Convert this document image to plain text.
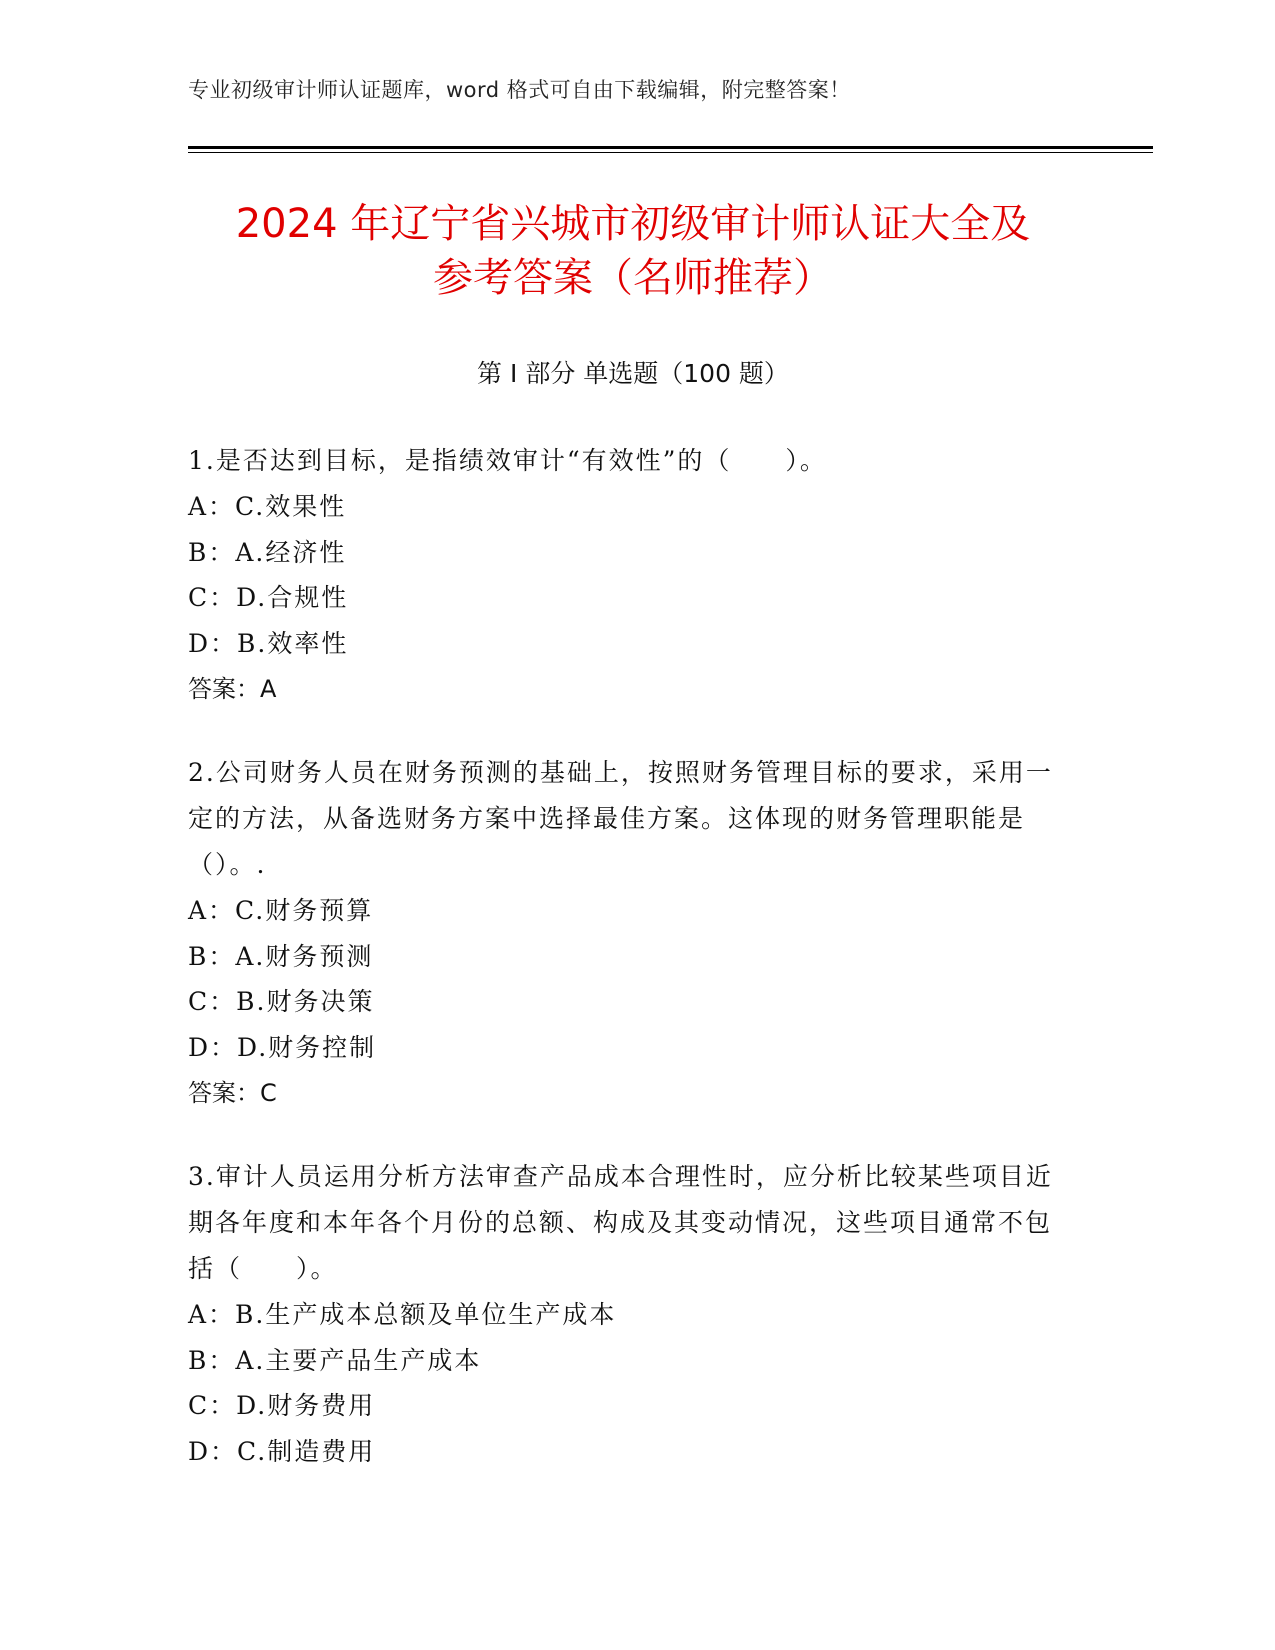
专业初级审计师认证题库，word 格式可自由下载编辑，附完整答案！
2024 年辽宁省兴城市初级审计师认证大全及
参考答案（名师推荐）
第 I 部分 单选题（100 题）

1.是否达到目标，是指绩效审计“有效性”的（　　）。

A：C.效果性

B：A.经济性

C：D.合规性

D：B.效率性

答案：A

2.公司财务人员在财务预测的基础上，按照财务管理目标的要求，采用一定的方法，从备选财务方案中选择最佳方案。这体现的财务管理职能是（）。.

A：C.财务预算

B：A.财务预测

C：B.财务决策

D：D.财务控制

答案：C

3.审计人员运用分析方法审查产品成本合理性时，应分析比较某些项目近期各年度和本年各个月份的总额、构成及其变动情况，这些项目通常不包括（　　）。

A：B.生产成本总额及单位生产成本

B：A.主要产品生产成本

C：D.财务费用

D：C.制造费用
